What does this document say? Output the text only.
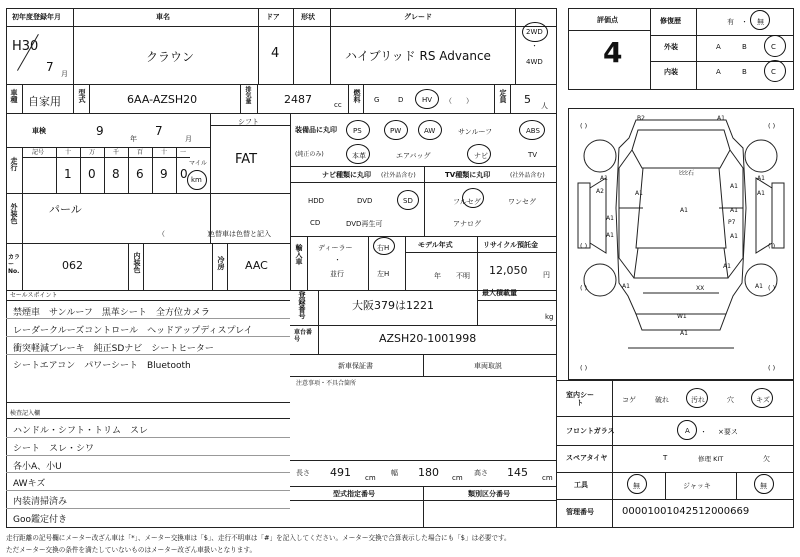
初年度登録年月	車名	ドア	形状	グレード
H30
7 月
クラウン	4	ハイブリッド RS Advance
2WD
・
4WD
車種 自家用 型式	6AA-AZSH20	排気量	2487	cc
燃料 G	D	HV （　　）	定員 5 人
車検	9
年
7
月
シフト
FAT
走行
記号	十	万	千	百	十 一
1 0 8 6 9 0
マイル
km
外装色	パール
（　　　　　　）
色替車は色替と記入
カラーNo.	062	内装色	冷房 AAC
セールスポイント
禁煙車　サンルーフ　黒革シート　全方位カメラ
レーダークルーズコントロール　ヘッドアップディスプレイ
衝突軽減ブレーキ　純正SDナビ　シートヒーター
シートエアコン　パワーシート　Bluetooth
検査記入欄
ハンドル・シフト・トリム　スレ
シート　スレ・シワ
各小A、小U
AWキズ
内装清掃済み
Goo鑑定付き
装備品に丸印
(純正のみ)
PS	PW	AW	サンルーフ	ABS
本革	エアバッグ	ナビ	TV
ナビ種類に丸印 (社外品含む)
HDD	DVD	SD
CD	DVD再生可
TV種類に丸印	(社外品含む)
フルセグ	ワンセグ
アナログ
輸入車 ディーラー
・
並行
右H
左H
モデル年式
年 不明
リサイクル預託金
12,050 円
登録番号	大阪379は1221
最大積載量
kg
車台番号	AZSH20-1001998
新車保証書	車両取説
注意事項・不具合箇所
長さ 491 cm
幅 180 cm
高さ 145 cm
型式指定番号	類別区分番号
走行距離の記号欄にメーター改ざん車は「*」、メーター交換車は「$」、走行不明車は「#」を記入してください。メーター交換で合算表示した場合にも「$」は必要です。
ただメーター交換の条件を満たしていないものはメーター改ざん車扱いとなります。
評価点
4
修復歴	有 ・ 無
外装	A	B	C
内装	A	B	C
( )	( )
( )	( )
( )	( )
( )	( )
B2	A1
A1
A2
A1
A1
A1
A1
A1
A1
A1
A1	A1
A1
A1	A1
XX
W1
A1
P7
ﾋﾋﾋ石
室内シート	コゲ	破れ	汚れ	穴	キズ
フロントガラス	A ・ ×要ス
スペアタイヤ	T	修理 KIT	欠
工具	無	ジャッキ	無
管理番号	0000100104251200066​9
